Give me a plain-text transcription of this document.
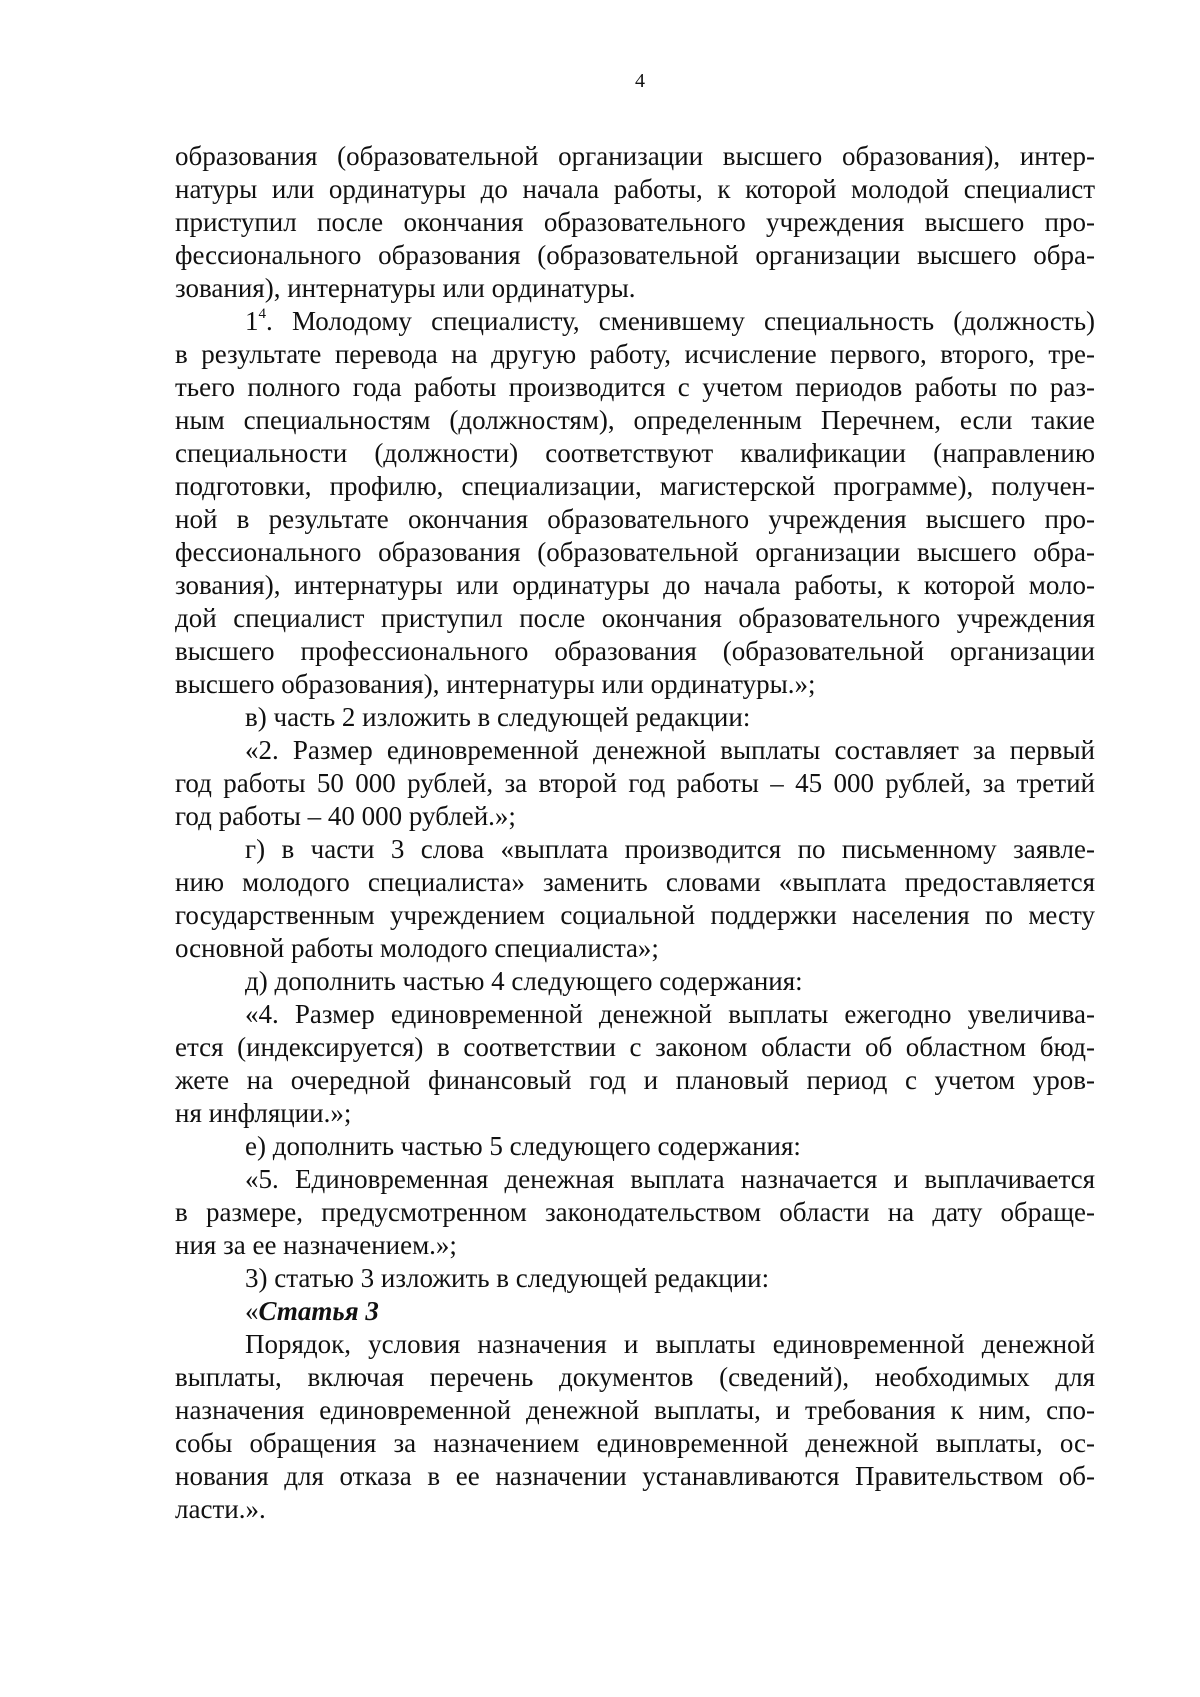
4
образования (образовательной организации высшего образования), интер-
натуры или ординатуры до начала работы, к которой молодой специалист
приступил после окончания образовательного учреждения высшего про-
фессионального образования (образовательной организации высшего обра-
зования), интернатуры или ординатуры.
$1^4$. Молодому специалисту, сменившему специальность (должность)
в результате перевода на другую работу, исчисление первого, второго, тре-
тьего полного года работы производится с учетом периодов работы по раз-
ным специальностям (должностям), определенным Перечнем, если такие
специальности (должности) соответствуют квалификации (направлению
подготовки, профилю, специализации, магистерской программе), получен-
ной в результате окончания образовательного учреждения высшего про-
фессионального образования (образовательной организации высшего обра-
зования), интернатуры или ординатуры до начала работы, к которой моло-
дой специалист приступил после окончания образовательного учреждения
высшего профессионального образования (образовательной организации
высшего образования), интернатуры или ординатуры.»;
в) часть 2 изложить в следующей редакции:
«2. Размер единовременной денежной выплаты составляет за первый
год работы 50 000 рублей, за второй год работы – 45 000 рублей, за третий
год работы – 40 000 рублей.»;
г) в части 3 слова «выплата производится по письменному заявле-
нию молодого специалиста» заменить словами «выплата предоставляется
государственным учреждением социальной поддержки населения по месту
основной работы молодого специалиста»;
д) дополнить частью 4 следующего содержания:
«4. Размер единовременной денежной выплаты ежегодно увеличива-
ется (индексируется) в соответствии с законом области об областном бюд-
жете на очередной финансовый год и плановый период с учетом уров-
ня инфляции.»;
е) дополнить частью 5 следующего содержания:
«5. Единовременная денежная выплата назначается и выплачивается
в размере, предусмотренном законодательством области на дату обраще-
ния за ее назначением.»;
3) статью 3 изложить в следующей редакции:
«Статья 3
Порядок, условия назначения и выплаты единовременной денежной
выплаты, включая перечень документов (сведений), необходимых для
назначения единовременной денежной выплаты, и требования к ним, спо-
собы обращения за назначением единовременной денежной выплаты, ос-
нования для отказа в ее назначении устанавливаются Правительством об-
ласти.».
